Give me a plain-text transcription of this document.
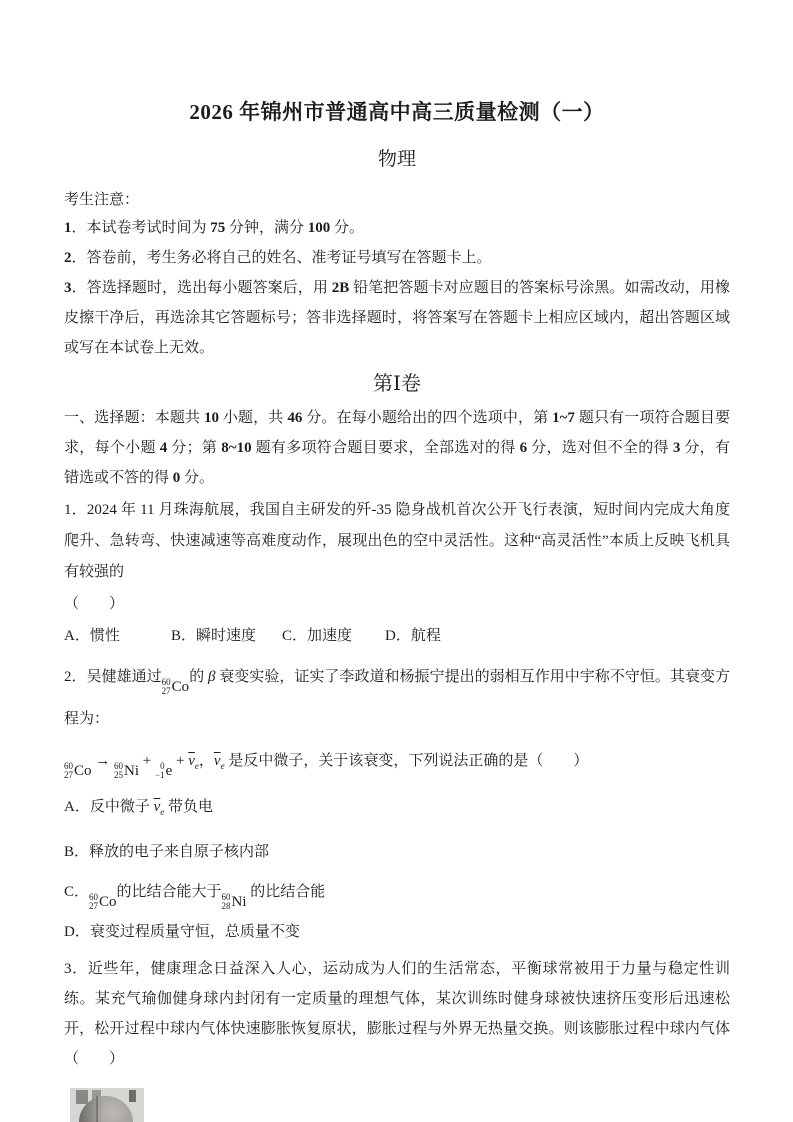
2026 年锦州市普通高中高三质量检测（一）
物理

考生注意：

1．本试卷考试时间为 75 分钟，满分 100 分。

2．答卷前，考生务必将自己的姓名、准考证号填写在答题卡上。

3．答选择题时，选出每小题答案后，用 2B 铅笔把答题卡对应题目的答案标号涂黑。如需改动，用橡皮擦干净后，再选涂其它答题标号；答非选择题时，将答案写在答题卡上相应区域内，超出答题区域或写在本试卷上无效。

第Ⅰ卷

一、选择题：本题共 10 小题，共 46 分。在每小题给出的四个选项中，第 1~7 题只有一项符合题目要求，每个小题 4 分；第 8~10 题有多项符合题目要求，全部选对的得 6 分，选对但不全的得 3 分，有错选或不答的得 0 分。

1．2024 年 11 月珠海航展，我国自主研发的歼-35 隐身战机首次公开飞行表演，短时间内完成大角度爬升、急转弯、快速减速等高难度动作，展现出色的空中灵活性。这种“高灵活性”本质上反映飞机具有较强的

（　　）

A．惯性	B．瞬时速度	C．加速度	D．航程

2．吴健雄通过 60
27 Co
的 β 衰变实验，证实了李政道和杨振宁提出的弱相互作用中宇称不守恒。其衰变方程为：

60
27 Co
→ 60
25 Ni
+ 0
−1 e
+ $\overline{v}_e$，$\overline{v}_e$ 是反中微子，关于该衰变，下列说法正确的是（　　）

A．反中微子 $\overline{v}_e$ 带负电

B．释放的电子来自原子核内部

C． 60
27 Co
的比结合能大于 60
28 Ni
的比结合能

D．衰变过程质量守恒，总质量不变

3．近些年，健康理念日益深入人心，运动成为人们的生活常态，平衡球常被用于力量与稳定性训练。某充气瑜伽健身球内封闭有一定质量的理想气体，某次训练时健身球被快速挤压变形后迅速松开，松开过程中球内气体快速膨胀恢复原状，膨胀过程与外界无热量交换。则该膨胀过程中球内气体（　　）
